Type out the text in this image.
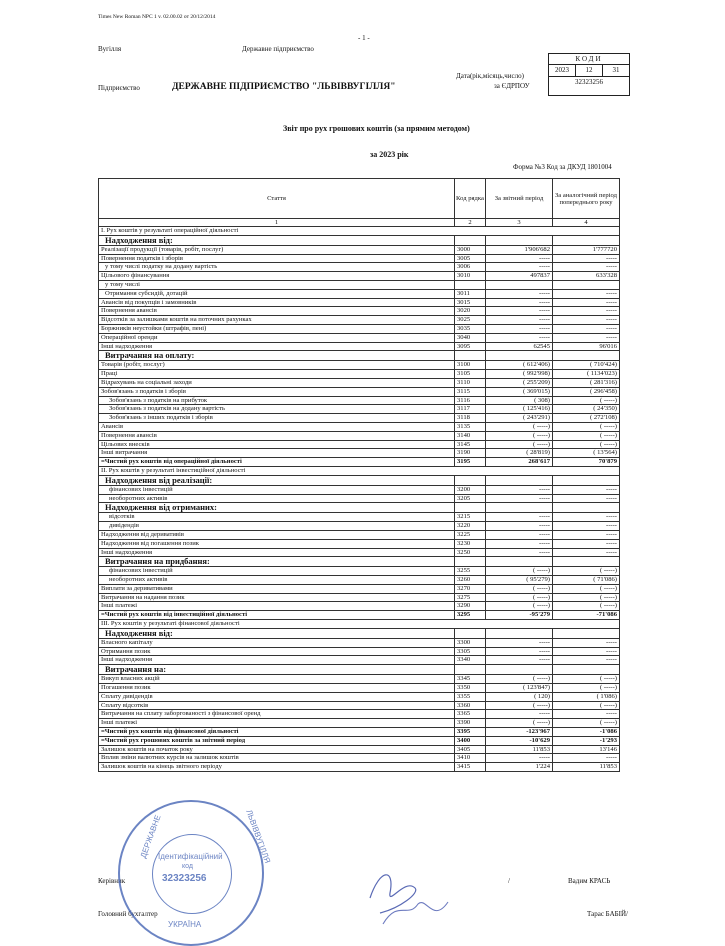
Times New Roman NPC 1 v. 02.00.02 от 20/12/2014
- 1 -
Вугілля	Державне підприємство
Дата(рік,місяць,число)
за ЄДРПОУ
Підприємство	ДЕРЖАВНЕ ПІДПРИЄМСТВО "ЛЬВІВВУГІЛЛЯ"
КОДИ
2023	12	31
32323256
Звіт про рух грошових коштів (за прямим методом)
за 2023 рік
Форма №3 Код за ДКУД 1801004
Стаття	Код рядка	За звітний період	За аналогічний період попереднього року
1	2	3	4
I. Рух коштів у результаті операційної діяльності			
Надходження від:			
Реалізації продукції (товарів, робіт, послуг)	3000	1'906'682	1'777720
Повернення податків і зборів	3005	-----	-----
у тому числі податку на додану вартість	3006	-----	-----
Цільового фінансування	3010	497837	633'328
у тому числі			
Отримання субсидій, дотацій	3011	-----	-----
Авансів від покупців і замовників	3015	-----	-----
Повернення авансів	3020	-----	-----
Відсотків за залишками коштів на поточних рахунках	3025	-----	-----
Боржників неустойки (штрафів, пені)	3035	-----	-----
Операційної оренди	3040	-----	-----
Інші надходження	3095	62545	96'016
Витрачання на оплату:			
Товарів (робіт, послуг)	3100	( 612'406)	( 710'424)
Праці	3105	( 992'998)	( 1134'023)
Відрахувань на соціальні заходи	3110	( 255'209)	( 281'316)
Зобов'язань з податків і зборів	3115	( 369'015)	( 296'458)
Зобов'язань з податків на прибуток	3116	( 308)	( -----)
Зобов'язань з податків на додану вартість	3117	( 125'416)	( 24'350)
Зобов'язань з інших податків і зборів	3118	( 243'291)	( 272'108)
Авансів	3135	( -----)	( -----)
Повернення авансів	3140	( -----)	( -----)
Цільових внесків	3145	( -----)	( -----)
Інші витрачання	3190	( 28'819)	( 13'564)
=Чистий рух коштів від операційної діяльності	3195	268'617	70'879
II. Рух коштів у результаті інвестиційної діяльності			
Надходження від реалізації:			
фінансових інвестицій	3200	-----	-----
необоротних активів	3205	-----	-----
Надходження від отриманих:			
відсотків	3215	-----	-----
дивідендів	3220	-----	-----
Надходження від деривативів	3225	-----	-----
Надходження від погашення позик	3230	-----	-----
Інші надходження	3250	-----	-----
Витрачання на придбання:			
фінансових інвестицій	3255	( -----)	( -----)
необоротних активів	3260	( 95'279)	( 71'086)
Виплати за деривативами	3270	( -----)	( -----)
Витрачання на надання позик	3275	( -----)	( -----)
Інші платежі	3290	( -----)	( -----)
=Чистий рух коштів від інвестиційної діяльності	3295	-95'279	-71'086
III. Рух коштів у результаті фінансової діяльності			
Надходження від:			
Власного капіталу	3300	-----	-----
Отримання позик	3305	-----	-----
Інші надходження	3340	-----	-----
Витрачання на:			
Викуп власних акцій	3345	( -----)	( -----)
Погашення позик	3350	( 123'847)	( -----)
Сплату дивідендів	3355	( 120)	( 1'086)
Сплату відсотків	3360	( -----)	( -----)
Витрачання на сплату заборгованості з фінансової оренд	3365	-----	-----
Інші платежі	3390	( -----)	( -----)
=Чистий рух коштів від фінансової діяльності	3395	-123'967	-1'086
=Чистий рух грошових коштів за звітний період	3400	-10'629	-1'293
Залишок коштів на початок року	3405	11'853	13'146
Вплив зміни валютних курсів на залишок коштів	3410	-----	-----
Залишок коштів на кінець звітного періоду	3415	1'224	11'853
Керівник	/	Вадим КРАСЬ
Головний бухгалтер	Тарас БАБІЙ/
ДЕРЖАВНЕ	ЛЬВІВВУГІЛЛЯ
Ідентифікаційний
код
32323256
УКРАЇНА
